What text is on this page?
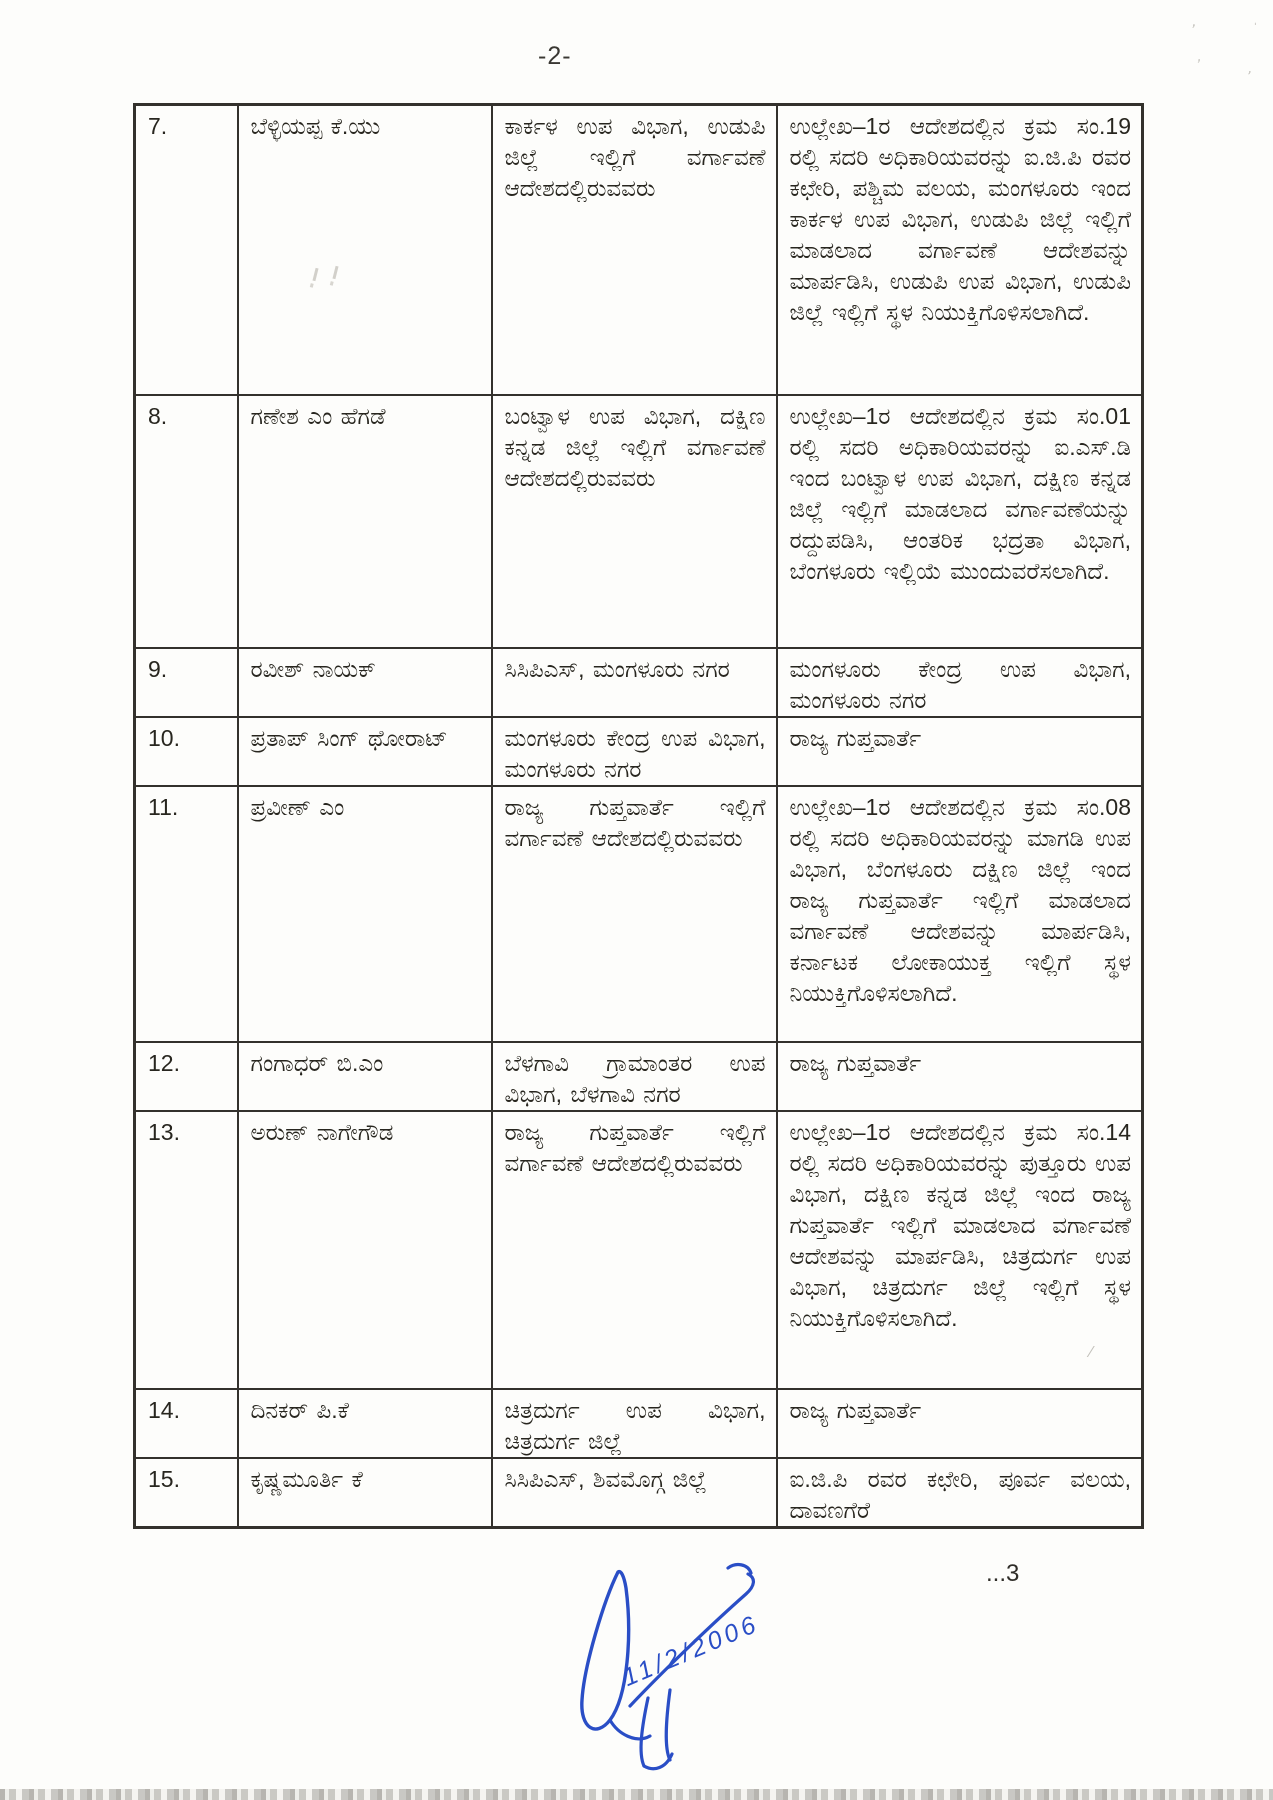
-2-
7.	ಬೆಳ್ಳಿಯಪ್ಪ ಕೆ.ಯು	ಕಾರ್ಕಳ ಉಪ ವಿಭಾಗ, ಉಡುಪಿ ಜಿಲ್ಲೆ ಇಲ್ಲಿಗೆ ವರ್ಗಾವಣೆ ಆದೇಶದಲ್ಲಿರುವವರು	ಉಲ್ಲೇಖ–1ರ ಆದೇಶದಲ್ಲಿನ ಕ್ರಮ ಸಂ.19 ರಲ್ಲಿ ಸದರಿ ಅಧಿಕಾರಿಯವರನ್ನು ಐ.ಜಿ.ಪಿ ರವರ ಕಛೇರಿ, ಪಶ್ಚಿಮ ವಲಯ, ಮಂಗಳೂರು ಇಂದ ಕಾರ್ಕಳ ಉಪ ವಿಭಾಗ, ಉಡುಪಿ ಜಿಲ್ಲೆ ಇಲ್ಲಿಗೆ ಮಾಡಲಾದ ವರ್ಗಾವಣೆ ಆದೇಶವನ್ನು ಮಾರ್ಪಡಿಸಿ, ಉಡುಪಿ ಉಪ ವಿಭಾಗ, ಉಡುಪಿ ಜಿಲ್ಲೆ ಇಲ್ಲಿಗೆ ಸ್ಥಳ ನಿಯುಕ್ತಿಗೊಳಿಸಲಾಗಿದೆ.
8.	ಗಣೇಶ ಎಂ ಹೆಗಡೆ	ಬಂಟ್ವಾಳ ಉಪ ವಿಭಾಗ, ದಕ್ಷಿಣ ಕನ್ನಡ ಜಿಲ್ಲೆ ಇಲ್ಲಿಗೆ ವರ್ಗಾವಣೆ ಆದೇಶದಲ್ಲಿರುವವರು	ಉಲ್ಲೇಖ–1ರ ಆದೇಶದಲ್ಲಿನ ಕ್ರಮ ಸಂ.01 ರಲ್ಲಿ ಸದರಿ ಅಧಿಕಾರಿಯವರನ್ನು ಐ.ಎಸ್.ಡಿ ಇಂದ ಬಂಟ್ವಾಳ ಉಪ ವಿಭಾಗ, ದಕ್ಷಿಣ ಕನ್ನಡ ಜಿಲ್ಲೆ ಇಲ್ಲಿಗೆ ಮಾಡಲಾದ ವರ್ಗಾವಣೆಯನ್ನು ರದ್ದುಪಡಿಸಿ, ಆಂತರಿಕ ಭದ್ರತಾ ವಿಭಾಗ, ಬೆಂಗಳೂರು ಇಲ್ಲಿಯೆ ಮುಂದುವರೆಸಲಾಗಿದೆ.
9.	ರವೀಶ್ ನಾಯಕ್	ಸಿಸಿಪಿಎಸ್, ಮಂಗಳೂರು ನಗರ	ಮಂಗಳೂರು ಕೇಂದ್ರ ಉಪ ವಿಭಾಗ, ಮಂಗಳೂರು ನಗರ
10.	ಪ್ರತಾಪ್ ಸಿಂಗ್ ಥೋರಾಟ್	ಮಂಗಳೂರು ಕೇಂದ್ರ ಉಪ ವಿಭಾಗ, ಮಂಗಳೂರು ನಗರ	ರಾಜ್ಯ ಗುಪ್ತವಾರ್ತೆ
11.	ಪ್ರವೀಣ್ ಎಂ	ರಾಜ್ಯ ಗುಪ್ತವಾರ್ತೆ ಇಲ್ಲಿಗೆ ವರ್ಗಾವಣೆ ಆದೇಶದಲ್ಲಿರುವವರು	ಉಲ್ಲೇಖ–1ರ ಆದೇಶದಲ್ಲಿನ ಕ್ರಮ ಸಂ.08 ರಲ್ಲಿ ಸದರಿ ಅಧಿಕಾರಿಯವರನ್ನು ಮಾಗಡಿ ಉಪ ವಿಭಾಗ, ಬೆಂಗಳೂರು ದಕ್ಷಿಣ ಜಿಲ್ಲೆ ಇಂದ ರಾಜ್ಯ ಗುಪ್ತವಾರ್ತೆ ಇಲ್ಲಿಗೆ ಮಾಡಲಾದ ವರ್ಗಾವಣೆ ಆದೇಶವನ್ನು ಮಾರ್ಪಡಿಸಿ, ಕರ್ನಾಟಕ ಲೋಕಾಯುಕ್ತ ಇಲ್ಲಿಗೆ ಸ್ಥಳ ನಿಯುಕ್ತಿಗೊಳಿಸಲಾಗಿದೆ.
12.	ಗಂಗಾಧರ್ ಬಿ.ಎಂ	ಬೆಳಗಾವಿ ಗ್ರಾಮಾಂತರ ಉಪ ವಿಭಾಗ, ಬೆಳಗಾವಿ ನಗರ	ರಾಜ್ಯ ಗುಪ್ತವಾರ್ತೆ
13.	ಅರುಣ್ ನಾಗೇಗೌಡ	ರಾಜ್ಯ ಗುಪ್ತವಾರ್ತೆ ಇಲ್ಲಿಗೆ ವರ್ಗಾವಣೆ ಆದೇಶದಲ್ಲಿರುವವರು	ಉಲ್ಲೇಖ–1ರ ಆದೇಶದಲ್ಲಿನ ಕ್ರಮ ಸಂ.14 ರಲ್ಲಿ ಸದರಿ ಅಧಿಕಾರಿಯವರನ್ನು ಪುತ್ತೂರು ಉಪ ವಿಭಾಗ, ದಕ್ಷಿಣ ಕನ್ನಡ ಜಿಲ್ಲೆ ಇಂದ ರಾಜ್ಯ ಗುಪ್ತವಾರ್ತೆ ಇಲ್ಲಿಗೆ ಮಾಡಲಾದ ವರ್ಗಾವಣೆ ಆದೇಶವನ್ನು ಮಾರ್ಪಡಿಸಿ, ಚಿತ್ರದುರ್ಗ ಉಪ ವಿಭಾಗ, ಚಿತ್ರದುರ್ಗ ಜಿಲ್ಲೆ ಇಲ್ಲಿಗೆ ಸ್ಥಳ ನಿಯುಕ್ತಿಗೊಳಿಸಲಾಗಿದೆ.
14.	ದಿನಕರ್ ಪಿ.ಕೆ	ಚಿತ್ರದುರ್ಗ ಉಪ ವಿಭಾಗ, ಚಿತ್ರದುರ್ಗ ಜಿಲ್ಲೆ	ರಾಜ್ಯ ಗುಪ್ತವಾರ್ತೆ
15.	ಕೃಷ್ಣಮೂರ್ತಿ ಕೆ	ಸಿಸಿಪಿಎಸ್, ಶಿವಮೊಗ್ಗ ಜಿಲ್ಲೆ	ಐ.ಜಿ.ಪಿ ರವರ ಕಛೇರಿ, ಪೂರ್ವ ವಲಯ, ದಾವಣಗೆರೆ
...3
11/2/2006
’
,
ˈ
’
⁄
